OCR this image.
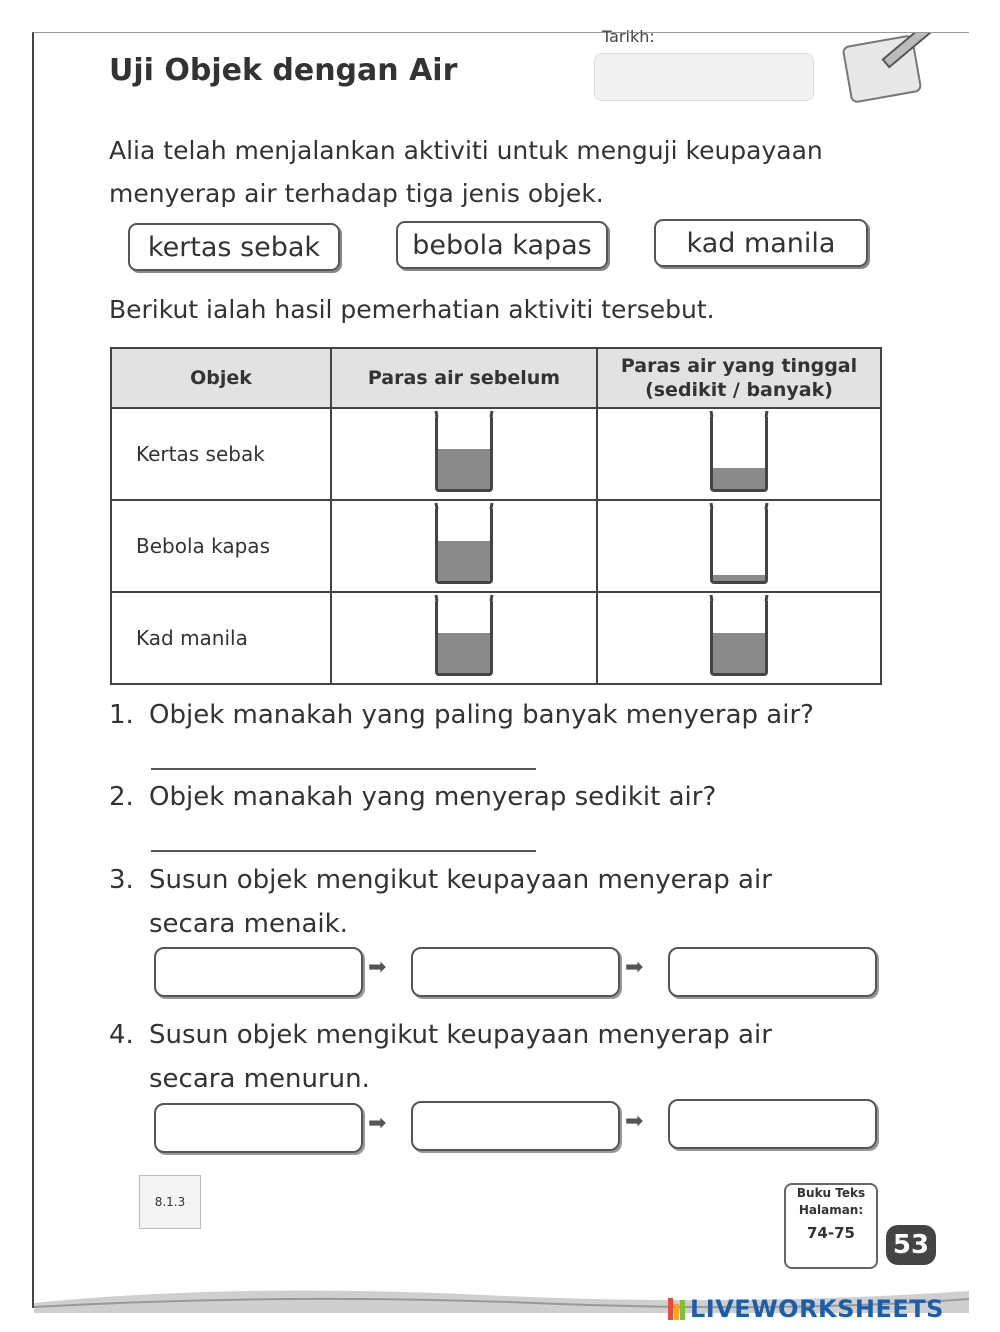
Uji Objek dengan Air
Tarikh:
Alia telah menjalankan aktiviti untuk menguji keupayaan menyerap air terhadap tiga jenis objek.
kertas sebak	bebola kapas	kad manila
Berikut ialah hasil pemerhatian aktiviti tersebut.
Objek	Paras air sebelum	Paras air yang tinggal (sedikit / banyak)
Kertas sebak	

Bebola kapas	

Kad manila	

1. Objek manakah yang paling banyak menyerap air?
2. Objek manakah yang menyerap sedikit air?
3. Susun objek mengikut keupayaan menyerap air
secara menaik.
➡	➡
4. Susun objek mengikut keupayaan menyerap air
secara menurun.
➡	➡
8.1.3
Buku Teks
Halaman:
74-75	53
LIVEWORKSHEETS
